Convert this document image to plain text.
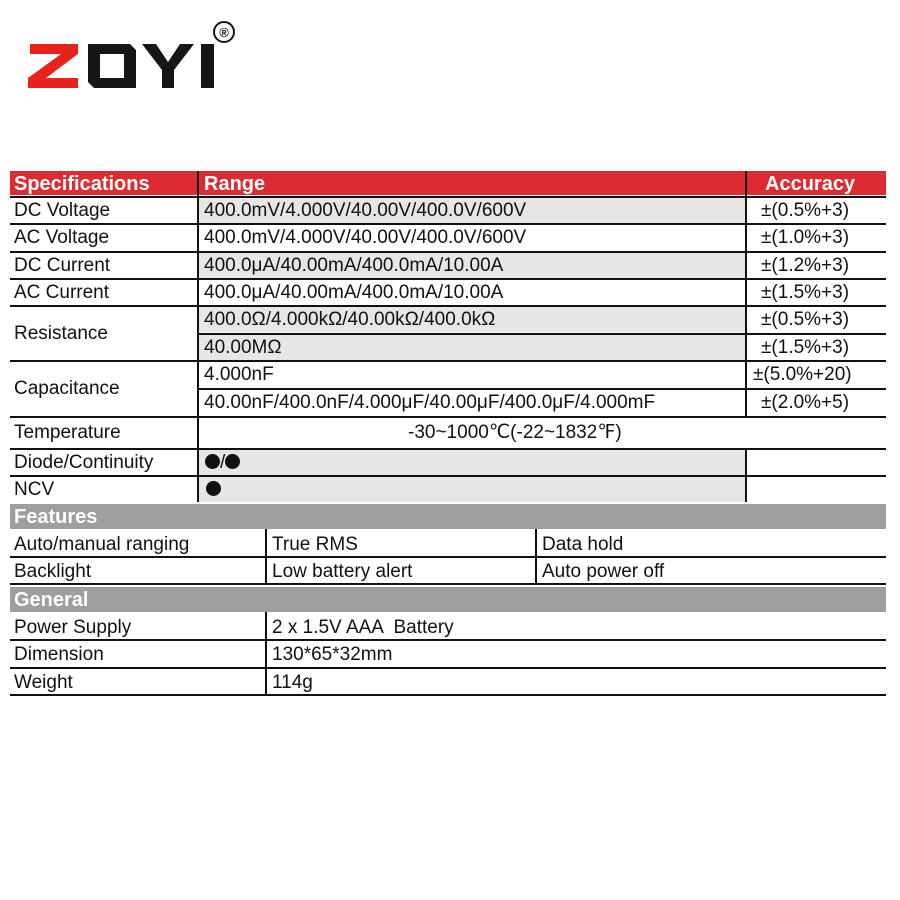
®
Specifications	Range	Accuracy
DC Voltage	400.0mV/4.000V/40.00V/400.0V/600V	±(0.5%+3)
AC Voltage	400.0mV/4.000V/40.00V/400.0V/600V	±(1.0%+3)
DC Current	400.0μA/40.00mA/400.0mA/10.00A	±(1.2%+3)
AC Current	400.0μA/40.00mA/400.0mA/10.00A	±(1.5%+3)
Resistance
400.0Ω/4.000kΩ/40.00kΩ/400.0kΩ	±(0.5%+3)
40.00MΩ	±(1.5%+3)
Capacitance
4.000nF	±(5.0%+20)
40.00nF/400.0nF/4.000μF/40.00μF/400.0μF/4.000mF	±(2.0%+5)
Temperature	-30~1000℃(-22~1832℉)
Diode/Continuity	/
NCV
Features
Auto/manual ranging	True RMS	Data hold
Backlight	Low battery alert	Auto power off
General
Power Supply	2 x 1.5V AAA  Battery
Dimension	130*65*32mm
Weight	114g
